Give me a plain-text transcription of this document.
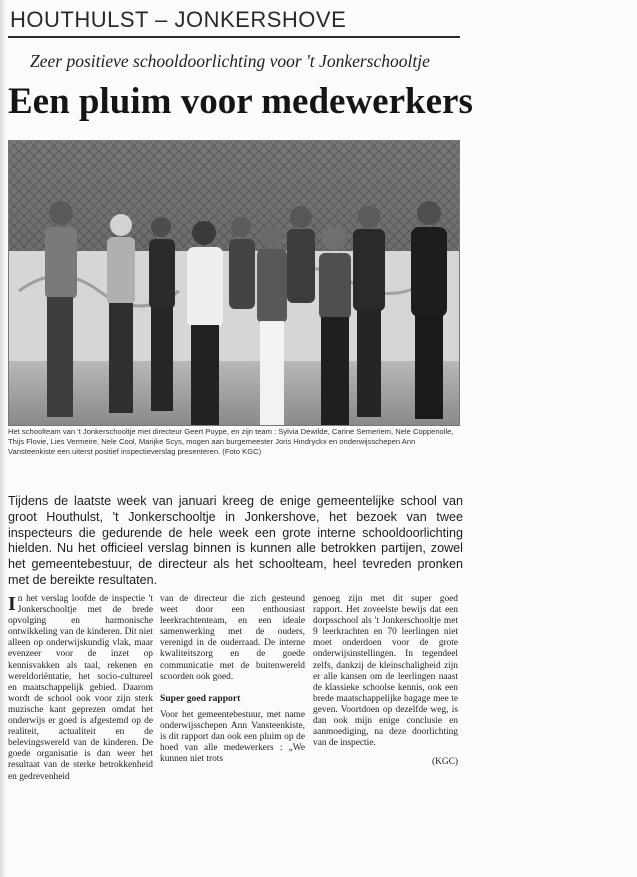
HOUTHULST – JONKERSHOVE
Zeer positieve schooldoorlichting voor 't Jonkerschooltje
Een pluim voor medewerkers
Het schoolteam van 't Jonkerschooltje met directeur Geert Puype, en zijn team : Sylvia Dewilde, Carine Semeriem, Nele Coppenolle, Thijs Flovie, Lies Vermeire, Nele Cool, Marijke Scys, mogen aan burgemeester Joris Hindryckx en onderwijsschepen Ann Vansteenkiste een uiterst positief inspectieverslag presenteren. (Foto KGC)
Tijdens de laatste week van januari kreeg de enige gemeentelijke school van groot Houthulst, 't Jonkerschooltje in Jonkershove, het bezoek van twee inspecteurs die gedurende de hele week een grote interne schooldoorlichting hielden. Nu het officieel verslag binnen is kunnen alle betrokken partijen, zowel het gemeentebestuur, de directeur als het schoolteam, heel tevreden pronken met de bereikte resultaten.
In het verslag loofde de inspectie 't Jonkerschooltje met de brede opvolging en harmonische ontwikkeling van de kinderen. Dit niet alleen op onderwijskundig vlak, maar evenzeer voor de inzet op kennisvakken als taal, rekenen en wereldoriëntatie, het socio-cultureel en maatschappelijk gebied. Daarom wordt de school ook voor zijn sterk muzische kant geprezen omdat het onderwijs er goed is afgestemd op de realiteit, actualiteit en de belevingswereld van de kinderen. De goede organisatie is dan weer het resultaat van de sterke betrokkenheid en gedrevenheid
van de directeur die zich gesteund weet door een enthousiast leerkrachtenteam, en een ideale samenwerking met de ouders, verenigd in de ouderraad. De interne kwaliteitszorg en de goede communicatie met de buitenwereld scoorden ook goed.
Super goed rapport
Voor het gemeentebestuur, met name onderwijsschepen Ann Vansteenkiste, is dit rapport dan ook een pluim op de hoed van alle medewerkers : „We kunnen niet trots
genoeg zijn met dit super goed rapport. Het zoveelste bewijs dat een dorpsschool als 't Jonkerschooltje met 9 leerkrachten en 70 leerlingen niet moet onderdoen voor de grote onderwijsinstellingen. In tegendeel zelfs, dankzij de kleinschaligheid zijn er alle kansen om de leerlingen naast de klassieke schoolse kennis, ook een brede maatschappelijke bagage mee te geven. Voortdoen op dezelfde weg, is dan ook mijn enige conclusie en aanmoediging, na deze doorlichting van de inspectie.
(KGC)
